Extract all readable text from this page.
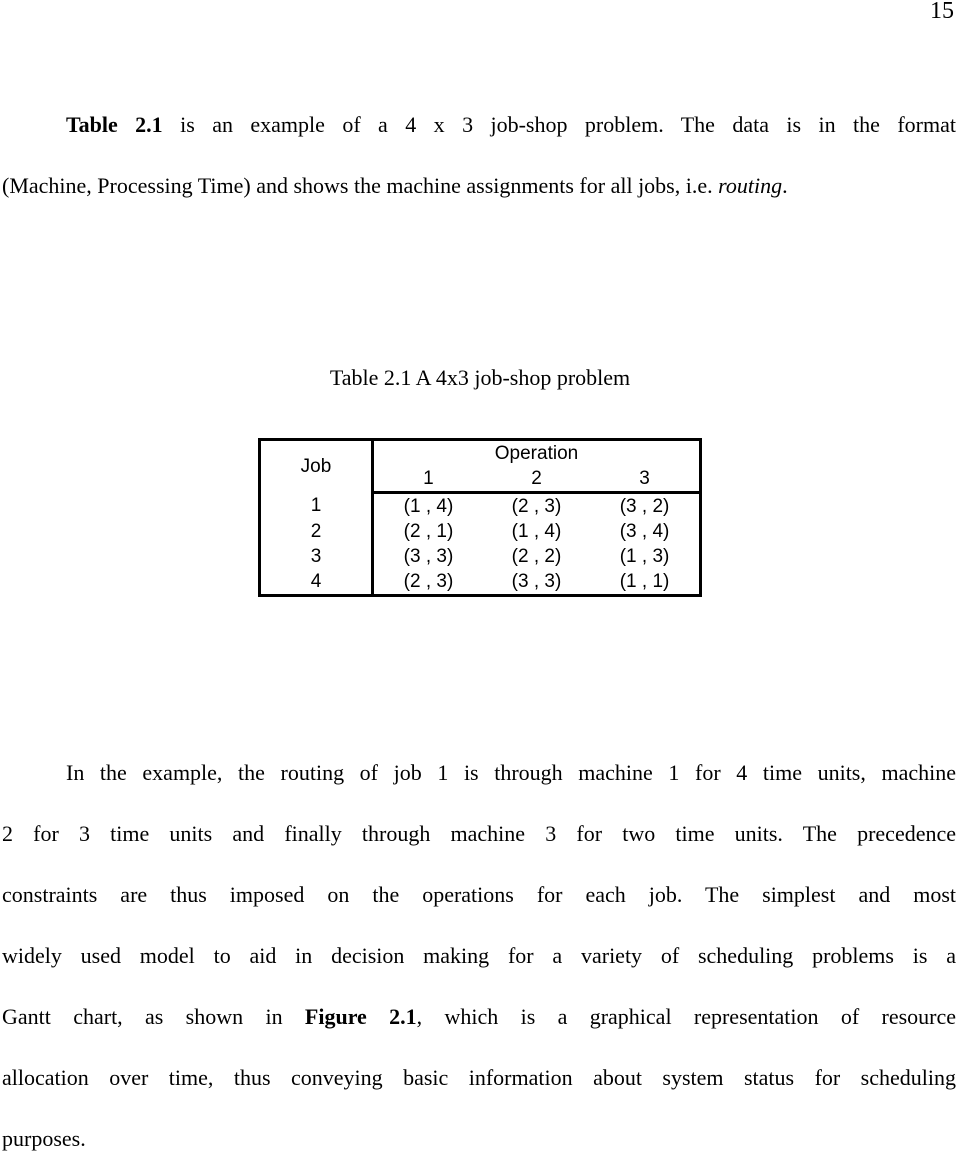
15
Table 2.1 is an example of a 4 x 3 job-shop problem. The data is in the format
(Machine, Processing Time) and shows the machine assignments for all jobs, i.e. routing.
Table 2.1 A 4x3 job-shop problem
Job	Operation		
	1	2	3
1	(1 , 4)	(2 , 3)	(3 , 2)
2	(2 , 1)	(1 , 4)	(3 , 4)
3	(3 , 3)	(2 , 2)	(1 , 3)
4	(2 , 3)	(3 , 3)	(1 , 1)
In the example, the routing of job 1 is through machine 1 for 4 time units, machine
2 for 3 time units and finally through machine 3 for two time units. The precedence
constraints are thus imposed on the operations for each job. The simplest and most
widely used model to aid in decision making for a variety of scheduling problems is a
Gantt chart, as shown in Figure 2.1, which is a graphical representation of resource
allocation over time, thus conveying basic information about system status for scheduling
purposes.
